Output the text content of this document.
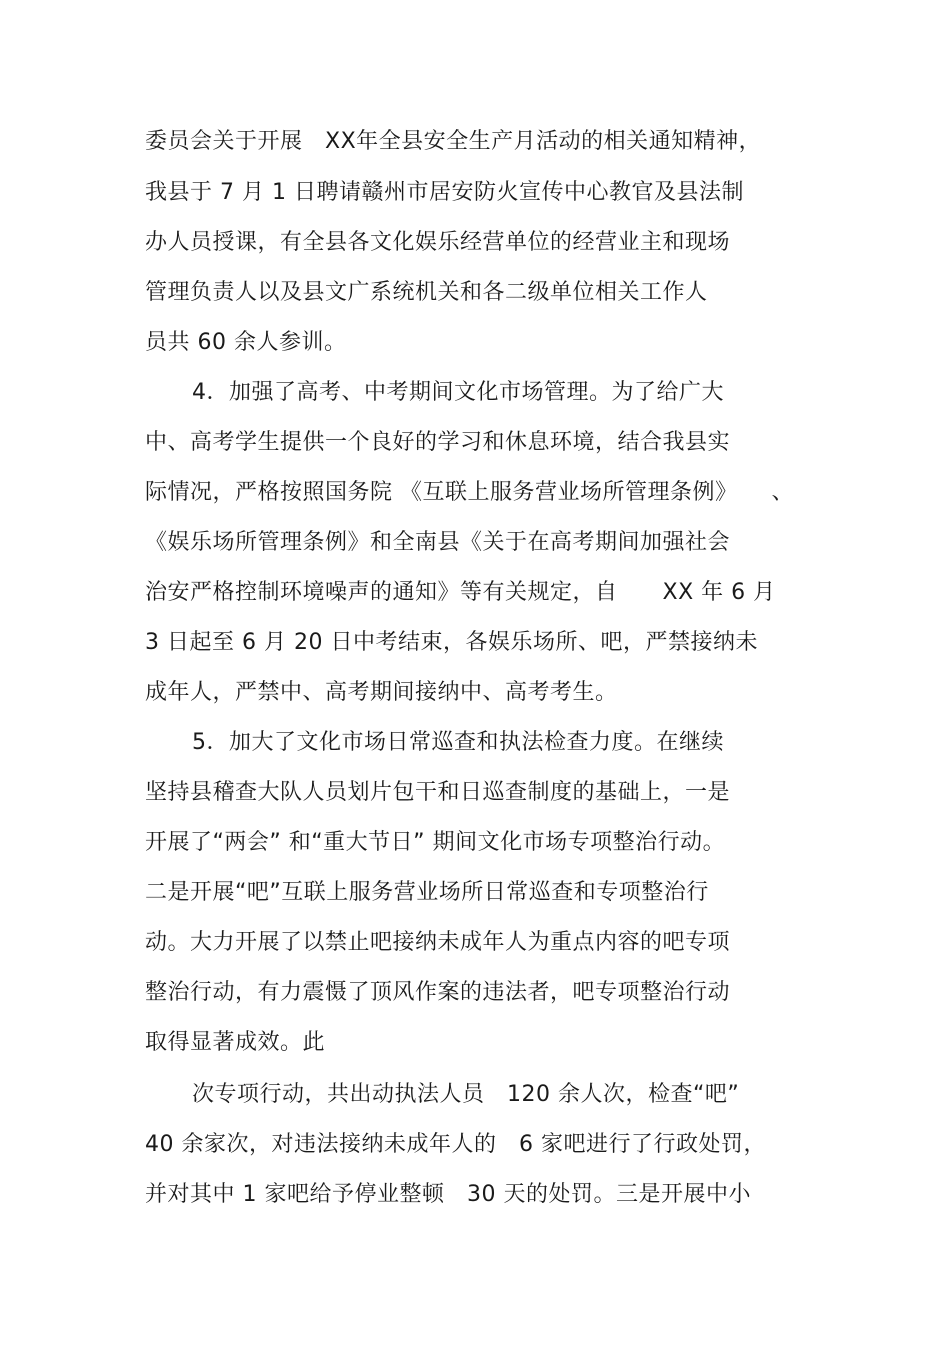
委员会关于开展　XX年全县安全生产月活动的相关通知精神，
我县于 7 月 1 日聘请赣州市居安防火宣传中心教官及县法制
办人员授课，有全县各文化娱乐经营单位的经营业主和现场
管理负责人以及县文广系统机关和各二级单位相关工作人
员共 60 余人参训。
4．加强了高考、中考期间文化市场管理。为了给广大
中、高考学生提供一个良好的学习和休息环境，结合我县实
际情况，严格按照国务院 《互联上服务营业场所管理条例》　　、
《娱乐场所管理条例》和全南县《关于在高考期间加强社会
治安严格控制环境噪声的通知》等有关规定，自　　XX 年 6 月
3 日起至 6 月 20 日中考结束，各娱乐场所、吧，严禁接纳未
成年人，严禁中、高考期间接纳中、高考考生。
5．加大了文化市场日常巡查和执法检查力度。在继续
坚持县稽查大队人员划片包干和日巡查制度的基础上，一是
开展了“两会” 和“重大节日” 期间文化市场专项整治行动。
二是开展“吧”互联上服务营业场所日常巡查和专项整治行
动。大力开展了以禁止吧接纳未成年人为重点内容的吧专项
整治行动，有力震慑了顶风作案的违法者，吧专项整治行动
取得显著成效。此
次专项行动，共出动执法人员　120 余人次，检查“吧”
40 余家次，对违法接纳未成年人的　6 家吧进行了行政处罚，
并对其中 1 家吧给予停业整顿　30 天的处罚。三是开展中小
